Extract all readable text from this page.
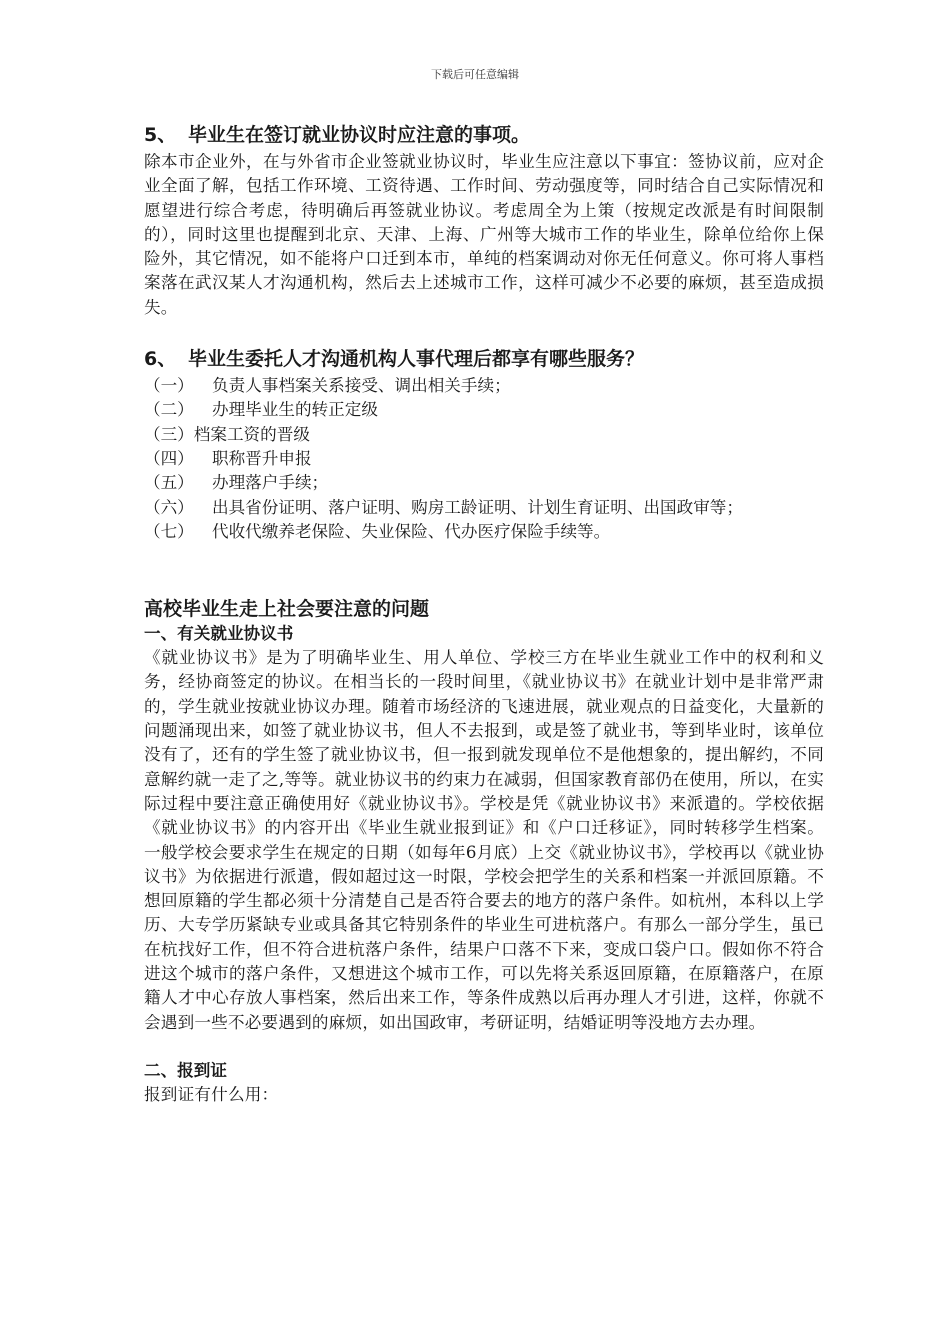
下载后可任意编辑

5、 毕业生在签订就业协议时应注意的事项。

除本市企业外，在与外省市企业签就业协议时，毕业生应注意以下事宜：签协议前，应对企业全面了解，包括工作环境、工资待遇、工作时间、劳动强度等，同时结合自己实际情况和愿望进行综合考虑，待明确后再签就业协议。考虑周全为上策（按规定改派是有时间限制的），同时这里也提醒到北京、天津、上海、广州等大城市工作的毕业生，除单位给你上保险外，其它情况，如不能将户口迁到本市，单纯的档案调动对你无任何意义。你可将人事档案落在武汉某人才沟通机构，然后去上述城市工作，这样可减少不必要的麻烦，甚至造成损失。

6、 毕业生委托人才沟通机构人事代理后都享有哪些服务？

（一） 负责人事档案关系接受、调出相关手续；
（二） 办理毕业生的转正定级
（三）档案工资的晋级
（四） 职称晋升申报
（五） 办理落户手续；
（六） 出具省份证明、落户证明、购房工龄证明、计划生育证明、出国政审等；
（七） 代收代缴养老保险、失业保险、代办医疗保险手续等。

高校毕业生走上社会要注意的问题

一、有关就业协议书

《就业协议书》是为了明确毕业生、用人单位、学校三方在毕业生就业工作中的权利和义务，经协商签定的协议。在相当长的一段时间里，《就业协议书》在就业计划中是非常严肃的，学生就业按就业协议办理。随着市场经济的飞速进展，就业观点的日益变化，大量新的问题涌现出来，如签了就业协议书，但人不去报到，或是签了就业书，等到毕业时，该单位没有了，还有的学生签了就业协议书，但一报到就发现单位不是他想象的，提出解约，不同意解约就一走了之,等等。就业协议书的约束力在减弱，但国家教育部仍在使用，所以，在实际过程中要注意正确使用好《就业协议书》。学校是凭《就业协议书》来派遣的。学校依据《就业协议书》的内容开出《毕业生就业报到证》和《户口迁移证》，同时转移学生档案。一般学校会要求学生在规定的日期（如每年6月底）上交《就业协议书》，学校再以《就业协议书》为依据进行派遣，假如超过这一时限，学校会把学生的关系和档案一并派回原籍。不想回原籍的学生都必须十分清楚自己是否符合要去的地方的落户条件。如杭州，本科以上学历、大专学历紧缺专业或具备其它特别条件的毕业生可进杭落户。有那么一部分学生，虽已在杭找好工作，但不符合进杭落户条件，结果户口落不下来，变成口袋户口。假如你不符合进这个城市的落户条件，又想进这个城市工作，可以先将关系返回原籍，在原籍落户，在原籍人才中心存放人事档案，然后出来工作，等条件成熟以后再办理人才引进，这样，你就不会遇到一些不必要遇到的麻烦，如出国政审，考研证明，结婚证明等没地方去办理。

二、报到证

报到证有什么用：
